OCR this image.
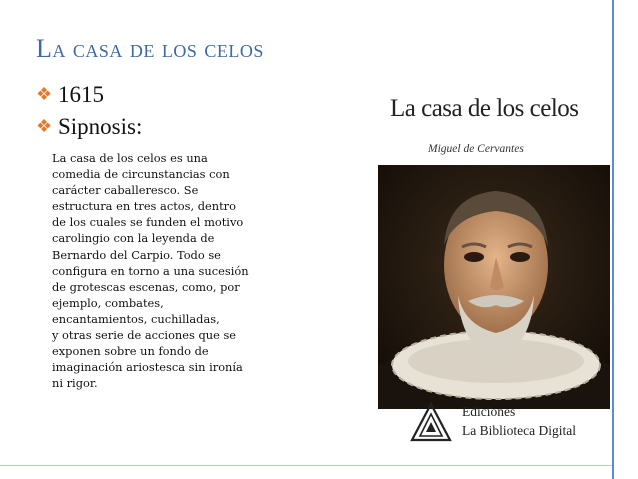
La casa de los celos
❖ 1615
❖ Sipnosis:
La casa de los celos es una
comedia de circunstancias con
carácter caballeresco. Se
estructura en tres actos, dentro
de los cuales se funden el motivo
carolingio con la leyenda de
Bernardo del Carpio. Todo se
configura en torno a una sucesión
de grotescas escenas, como, por
ejemplo, combates,
encantamientos, cuchilladas,
y otras serie de acciones que se
exponen sobre un fondo de
imaginación ariostesca sin ironía
ni rigor.
La casa de los celos
Miguel de Cervantes
Ediciones
La Biblioteca Digital
